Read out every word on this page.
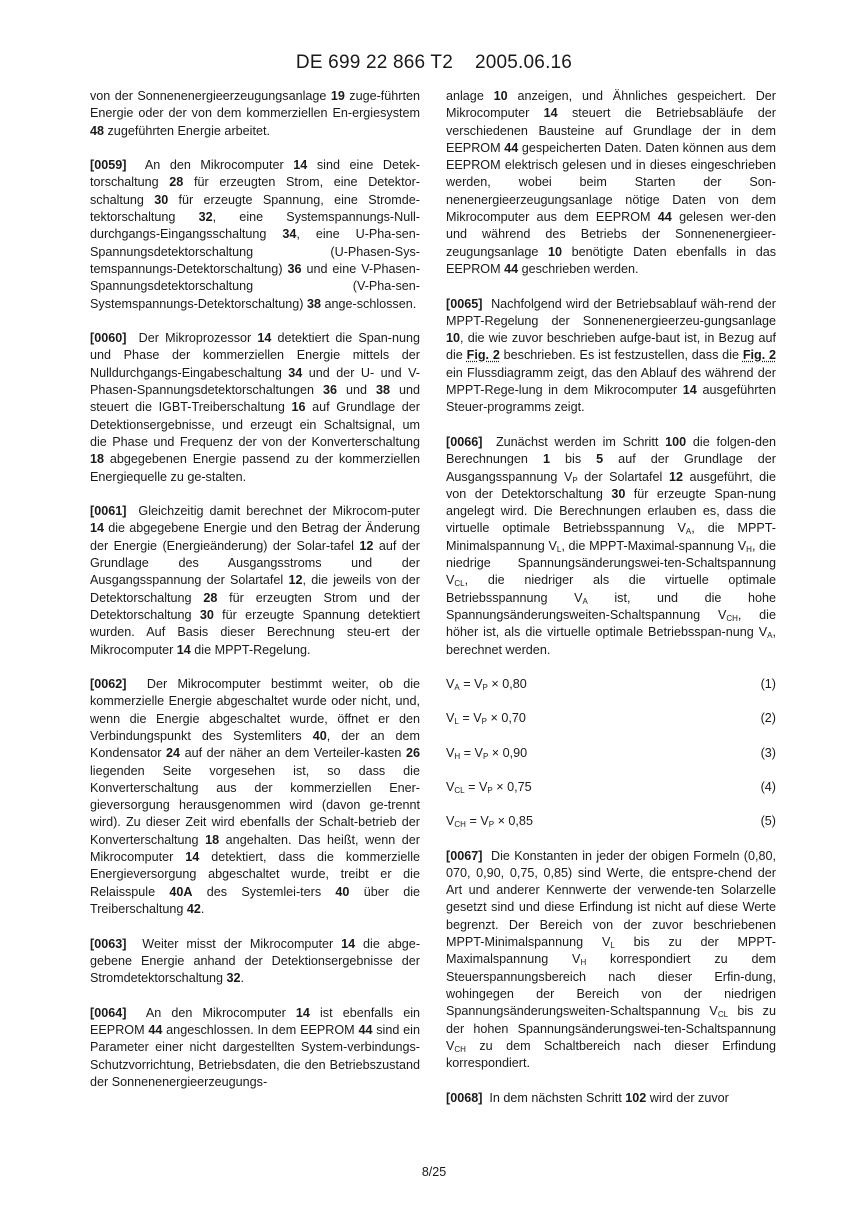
DE 699 22 866 T2 2005.06.16

von der Sonnenenergieerzeugungsanlage 19 zuge-führten Energie oder der von dem kommerziellen En-ergiesystem 48 zugeführten Energie arbeitet.

[0059]  An den Mikrocomputer 14 sind eine Detek-torschaltung 28 für erzeugten Strom, eine Detektor-schaltung 30 für erzeugte Spannung, eine Stromde-tektorschaltung 32, eine Systemspannungs-Null-durchgangs-Eingangsschaltung 34, eine U-Pha-sen-Spannungsdetektorschaltung (U-Phasen-Sys-temspannungs-Detektorschaltung) 36 und eine V-Phasen-Spannungsdetektorschaltung (V-Pha-sen-Systemspannungs-Detektorschaltung) 38 ange-schlossen.

[0060]  Der Mikroprozessor 14 detektiert die Span-nung und Phase der kommerziellen Energie mittels der Nulldurchgangs-Eingabeschaltung 34 und der U- und V-Phasen-Spannungsdetektorschaltungen 36 und 38 und steuert die IGBT-Treiberschaltung 16 auf Grundlage der Detektionsergebnisse, und erzeugt ein Schaltsignal, um die Phase und Frequenz der von der Konverterschaltung 18 abgegebenen Energie passend zu der kommerziellen Energiequelle zu ge-stalten.

[0061]  Gleichzeitig damit berechnet der Mikrocom-puter 14 die abgegebene Energie und den Betrag der Änderung der Energie (Energieänderung) der Solar-tafel 12 auf der Grundlage des Ausgangsstroms und der Ausgangsspannung der Solartafel 12, die jeweils von der Detektorschaltung 28 für erzeugten Strom und der Detektorschaltung 30 für erzeugte Spannung detektiert wurden. Auf Basis dieser Berechnung steu-ert der Mikrocomputer 14 die MPPT-Regelung.

[0062]  Der Mikrocomputer bestimmt weiter, ob die kommerzielle Energie abgeschaltet wurde oder nicht, und, wenn die Energie abgeschaltet wurde, öffnet er den Verbindungspunkt des Systemliters 40, der an dem Kondensator 24 auf der näher an dem Verteiler-kasten 26 liegenden Seite vorgesehen ist, so dass die Konverterschaltung aus der kommerziellen Ener-gieversorgung herausgenommen wird (davon ge-trennt wird). Zu dieser Zeit wird ebenfalls der Schalt-betrieb der Konverterschaltung 18 angehalten. Das heißt, wenn der Mikrocomputer 14 detektiert, dass die kommerzielle Energieversorgung abgeschaltet wurde, treibt er die Relaisspule 40A des Systemlei-ters 40 über die Treiberschaltung 42.

[0063]  Weiter misst der Mikrocomputer 14 die abge-gebene Energie anhand der Detektionsergebnisse der Stromdetektorschaltung 32.

[0064]  An den Mikrocomputer 14 ist ebenfalls ein EEPROM 44 angeschlossen. In dem EEPROM 44 sind ein Parameter einer nicht dargestellten System-verbindungs-Schutzvorrichtung, Betriebsdaten, die den Betriebszustand der Sonnenenergieerzeugungs-

anlage 10 anzeigen, und Ähnliches gespeichert. Der Mikrocomputer 14 steuert die Betriebsabläufe der verschiedenen Bausteine auf Grundlage der in dem EEPROM 44 gespeicherten Daten. Daten können aus dem EEPROM elektrisch gelesen und in dieses eingeschrieben werden, wobei beim Starten der Son-nenenergieerzeugungsanlage nötige Daten von dem Mikrocomputer aus dem EEPROM 44 gelesen wer-den und während des Betriebs der Sonnenenergieer-zeugungsanlage 10 benötigte Daten ebenfalls in das EEPROM 44 geschrieben werden.

[0065]  Nachfolgend wird der Betriebsablauf wäh-rend der MPPT-Regelung der Sonnenenergieerzeu-gungsanlage 10, die wie zuvor beschrieben aufge-baut ist, in Bezug auf die Fig. 2 beschrieben. Es ist festzustellen, dass die Fig. 2 ein Flussdiagramm zeigt, das den Ablauf des während der MPPT-Rege-lung in dem Mikrocomputer 14 ausgeführten Steuer-programms zeigt.

[0066]  Zunächst werden im Schritt 100 die folgen-den Berechnungen 1 bis 5 auf der Grundlage der Ausgangsspannung $V_P$ der Solartafel 12 ausgeführt, die von der Detektorschaltung 30 für erzeugte Span-nung angelegt wird. Die Berechnungen erlauben es, dass die virtuelle optimale Betriebsspannung $V_A$, die MPPT-Minimalspannung $V_L$, die MPPT-Maximal-spannung $V_H$, die niedrige Spannungsänderungswei-ten-Schaltspannung $V_{CL}$, die niedriger als die virtuelle optimale Betriebsspannung $V_A$ ist, und die hohe Spannungsänderungsweiten-Schaltspannung $V_{CH}$, die höher ist, als die virtuelle optimale Betriebsspan-nung $V_A$, berechnet werden.

$V_A = V_P \times 0,80$	(1)
$V_L = V_P \times 0,70$	(2)
$V_H = V_P \times 0,90$	(3)
$V_{CL} = V_P \times 0,75$	(4)
$V_{CH} = V_P \times 0,85$	(5)

[0067]  Die Konstanten in jeder der obigen Formeln (0,80, 070, 0,90, 0,75, 0,85) sind Werte, die entspre-chend der Art und anderer Kennwerte der verwende-ten Solarzelle gesetzt sind und diese Erfindung ist nicht auf diese Werte begrenzt. Der Bereich von der zuvor beschriebenen MPPT-Minimalspannung $V_L$ bis zu der MPPT-Maximalspannung $V_H$ korrespondiert zu dem Steuerspannungsbereich nach dieser Erfin-dung, wohingegen der Bereich von der niedrigen Spannungsänderungsweiten-Schaltspannung $V_{CL}$ bis zu der hohen Spannungsänderungswei-ten-Schaltspannung $V_{CH}$ zu dem Schaltbereich nach dieser Erfindung korrespondiert.

[0068]  In dem nächsten Schritt 102 wird der zuvor

8/25
